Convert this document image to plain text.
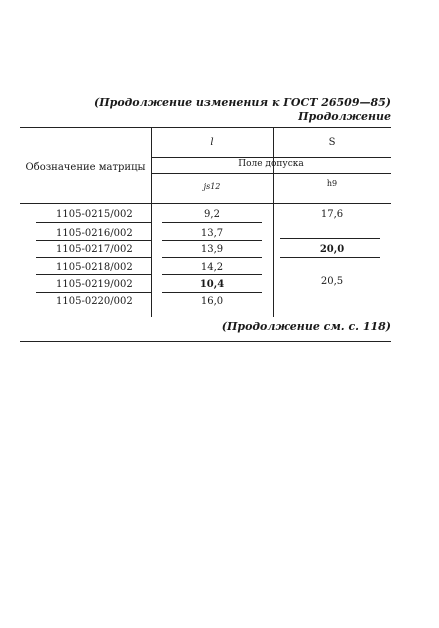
(Продолжение изменения к ГОСТ 26509—85)
Продолжение
Обозначение матрицы
l	S
Поле допуска
js12	h9
1105-0215/002
1105-0216/002
1105-0217/002
1105-0218/002
1105-0219/002
1105-0220/002
9,2
13,7
13,9
14,2
10,4
16,0
17,6
20,0
20,5
(Продолжение см. с. 118)
